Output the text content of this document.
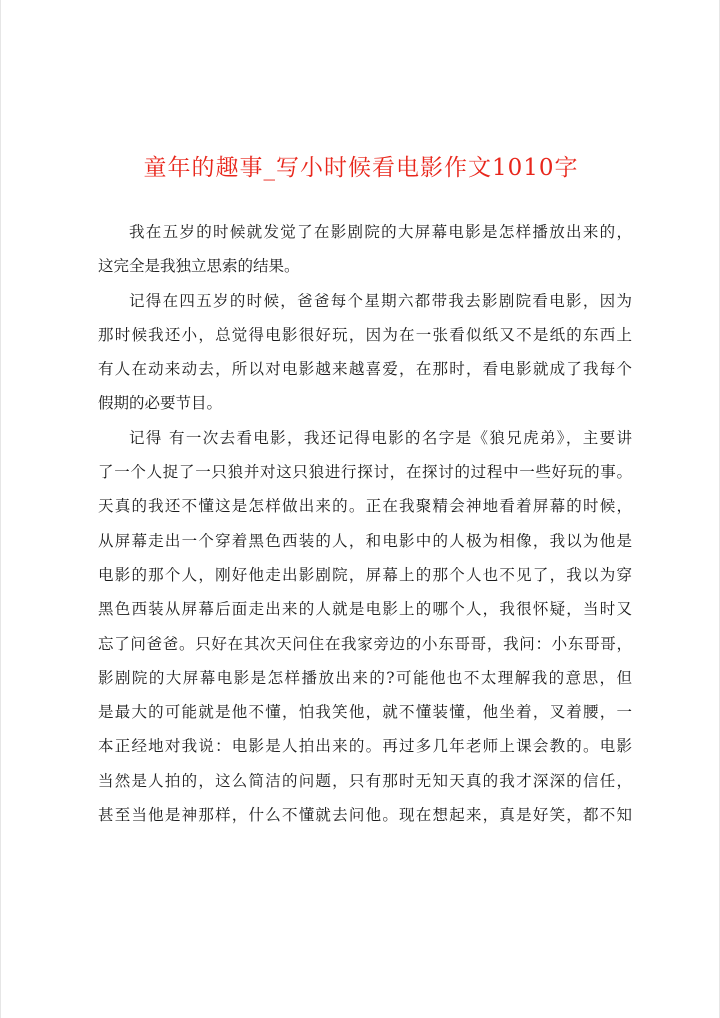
童年的趣事_写小时候看电影作文1010字
我在五岁的时候就发觉了在影剧院的大屏幕电影是怎样播放出来的，
这完全是我独立思索的结果。
记得在四五岁的时候，爸爸每个星期六都带我去影剧院看电影，因为
那时候我还小，总觉得电影很好玩，因为在一张看似纸又不是纸的东西上
有人在动来动去，所以对电影越来越喜爱，在那时，看电影就成了我每个
假期的必要节目。
记得 有一次去看电影，我还记得电影的名字是《狼兄虎弟》，主要讲
了一个人捉了一只狼并对这只狼进行探讨，在探讨的过程中一些好玩的事。
天真的我还不懂这是怎样做出来的。正在我聚精会神地看着屏幕的时候，
从屏幕走出一个穿着黑色西装的人，和电影中的人极为相像，我以为他是
电影的那个人，刚好他走出影剧院，屏幕上的那个人也不见了，我以为穿
黑色西装从屏幕后面走出来的人就是电影上的哪个人，我很怀疑，当时又
忘了问爸爸。只好在其次天问住在我家旁边的小东哥哥，我问：小东哥哥，
影剧院的大屏幕电影是怎样播放出来的?可能他也不太理解我的意思，但
是最大的可能就是他不懂，怕我笑他，就不懂装懂，他坐着，叉着腰，一
本正经地对我说：电影是人拍出来的。再过多几年老师上课会教的。电影
当然是人拍的，这么简洁的问题，只有那时无知天真的我才深深的信任，
甚至当他是神那样，什么不懂就去问他。现在想起来，真是好笑，都不知
